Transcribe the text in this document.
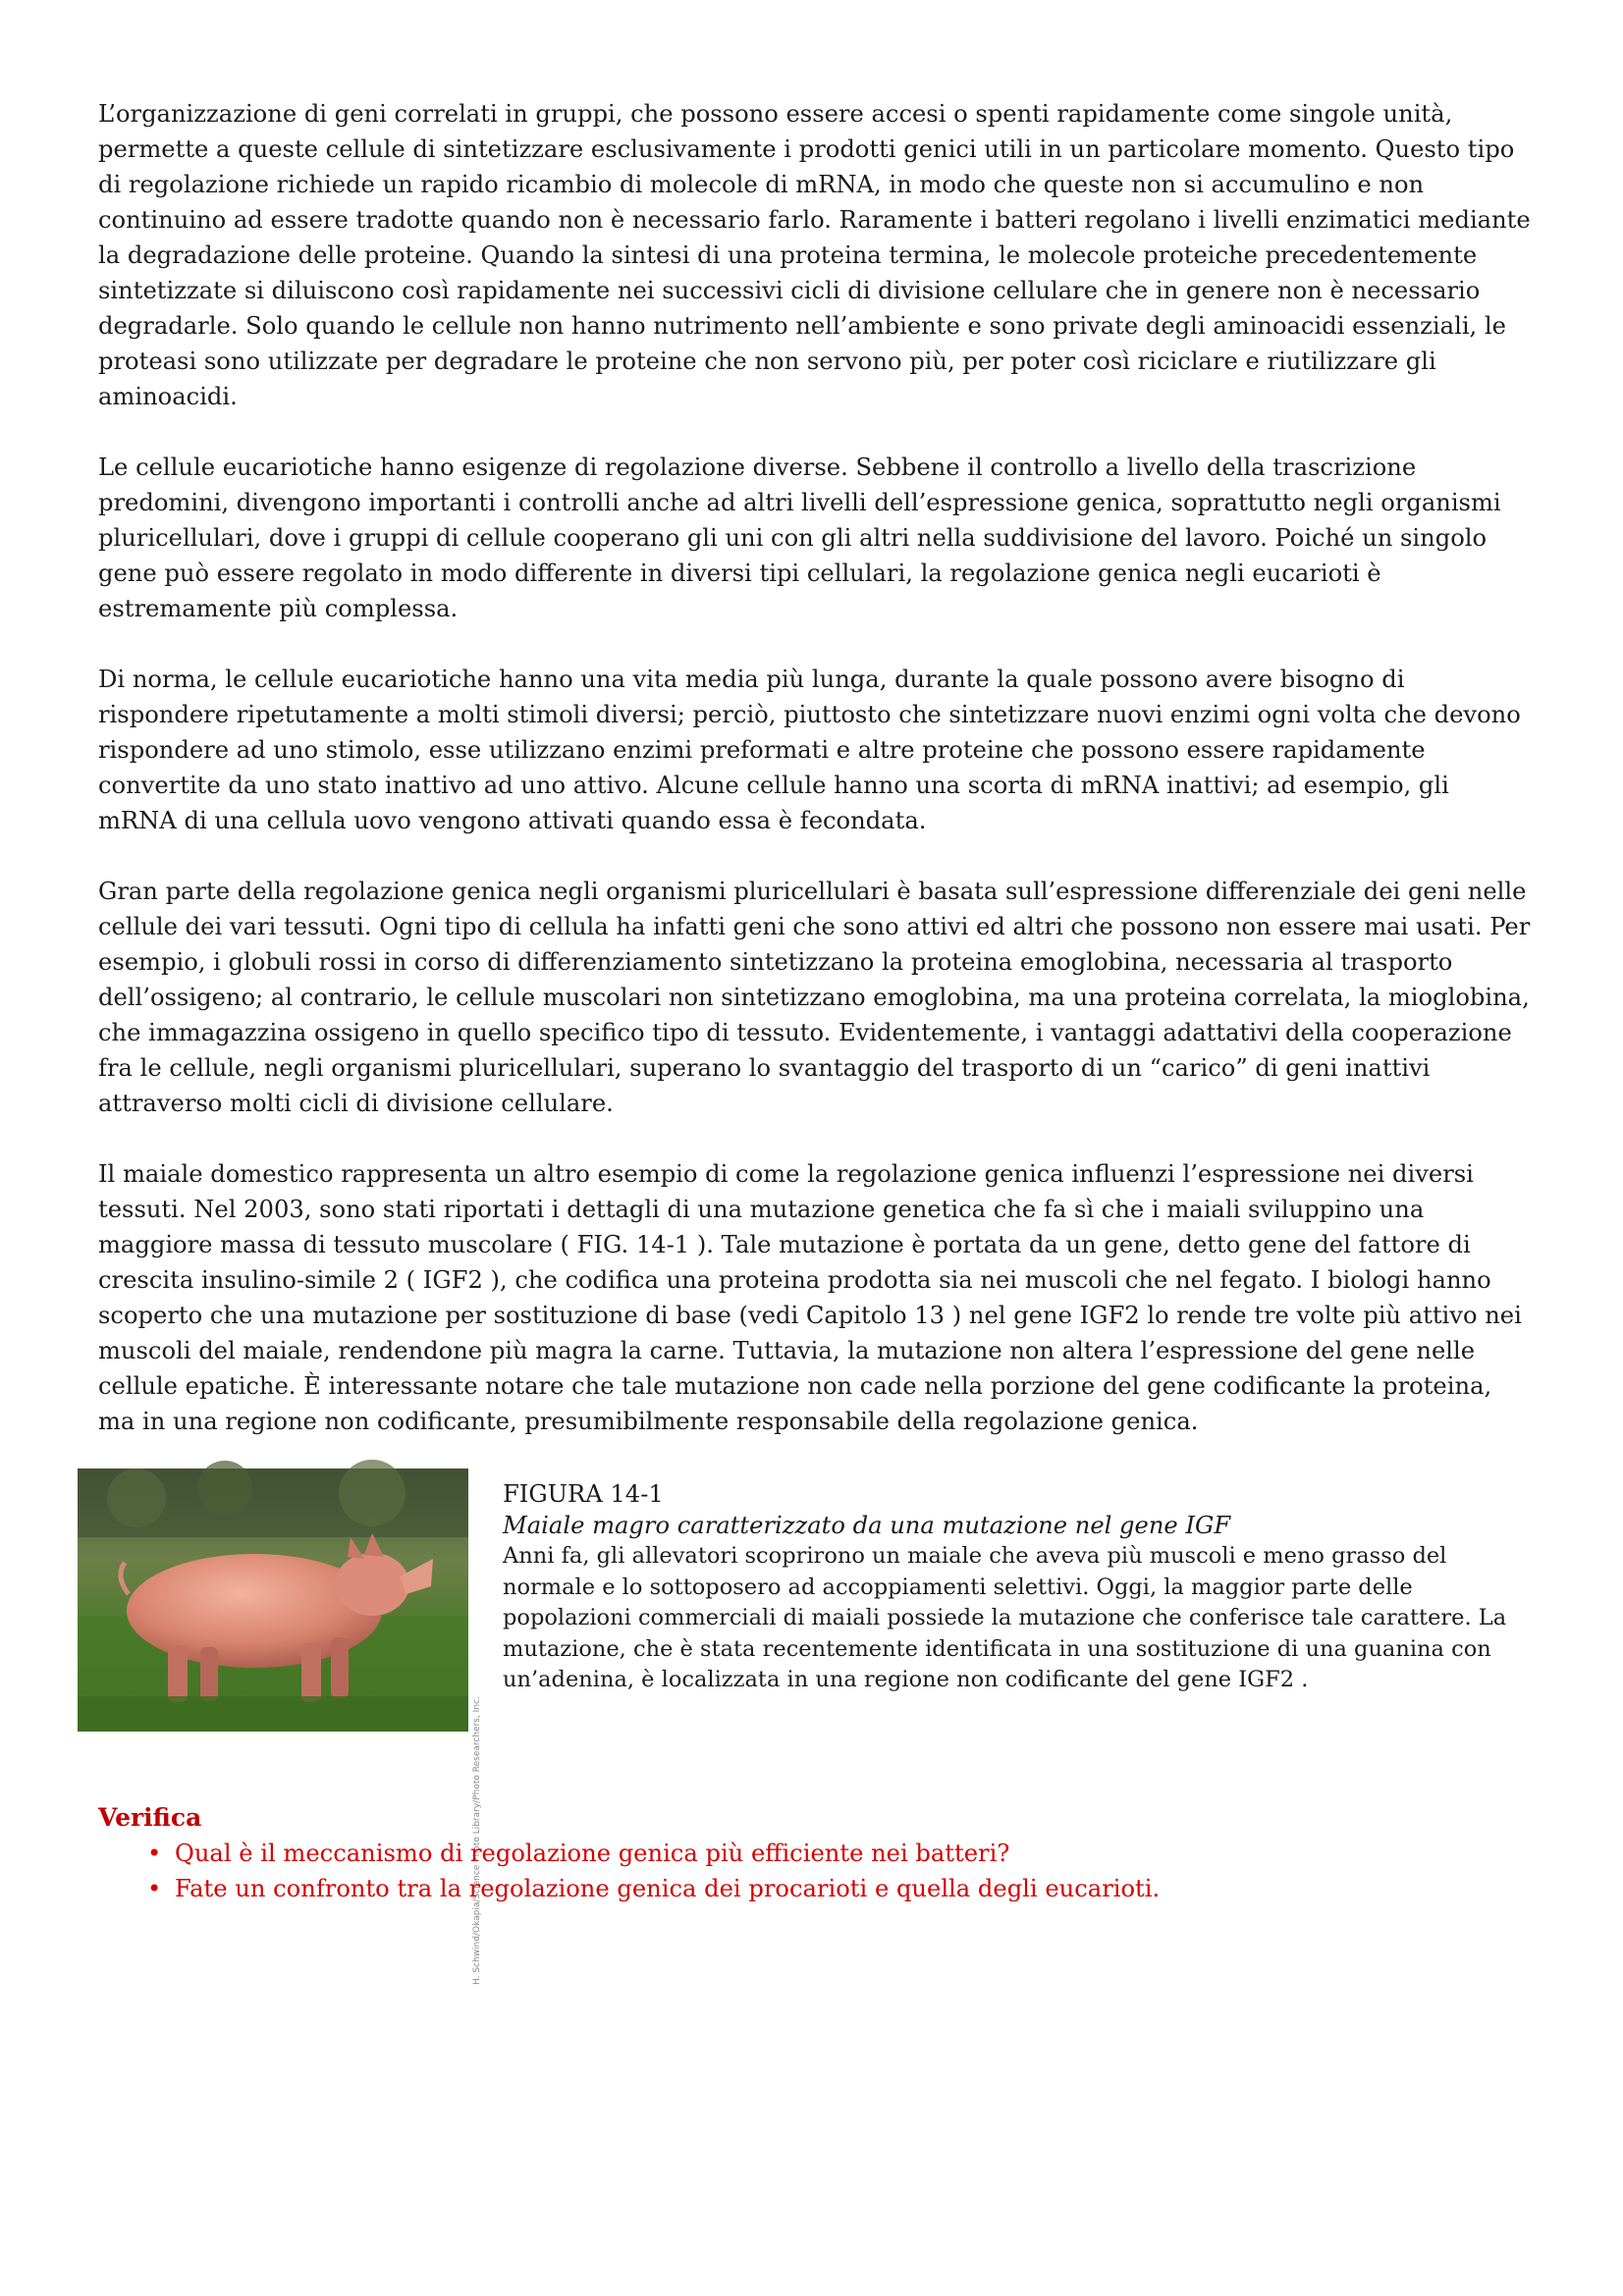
L’organizzazione di geni correlati in gruppi, che possono essere accesi o spenti rapidamente come singole unità, permette a queste cellule di sintetizzare esclusivamente i prodotti genici utili in un particolare momento. Questo tipo di regolazione richiede un rapido ricambio di molecole di mRNA, in modo che queste non si accumulino e non continuino ad essere tradotte quando non è necessario farlo. Raramente i batteri regolano i livelli enzimatici mediante la degradazione delle proteine. Quando la sintesi di una proteina termina, le molecole proteiche precedentemente sintetizzate si diluiscono così rapidamente nei successivi cicli di divisione cellulare che in genere non è necessario degradarle. Solo quando le cellule non hanno nutrimento nell’ambiente e sono private degli aminoacidi essenziali, le proteasi sono utilizzate per degradare le proteine che non servono più, per poter così riciclare e riutilizzare gli aminoacidi.

Le cellule eucariotiche hanno esigenze di regolazione diverse. Sebbene il controllo a livello della trascrizione predomini, divengono importanti i controlli anche ad altri livelli dell’espressione genica, soprattutto negli organismi pluricellulari, dove i gruppi di cellule cooperano gli uni con gli altri nella suddivisione del lavoro. Poiché un singolo gene può essere regolato in modo differente in diversi tipi cellulari, la regolazione genica negli eucarioti è estremamente più complessa.

Di norma, le cellule eucariotiche hanno una vita media più lunga, durante la quale possono avere bisogno di rispondere ripetutamente a molti stimoli diversi; perciò, piuttosto che sintetizzare nuovi enzimi ogni volta che devono rispondere ad uno stimolo, esse utilizzano enzimi preformati e altre proteine che possono essere rapidamente convertite da uno stato inattivo ad uno attivo. Alcune cellule hanno una scorta di mRNA inattivi; ad esempio, gli mRNA di una cellula uovo vengono attivati quando essa è fecondata.

Gran parte della regolazione genica negli organismi pluricellulari è basata sull’espressione differenziale dei geni nelle cellule dei vari tessuti. Ogni tipo di cellula ha infatti geni che sono attivi ed altri che possono non essere mai usati. Per esempio, i globuli rossi in corso di differenziamento sintetizzano la proteina emoglobina, necessaria al trasporto dell’ossigeno; al contrario, le cellule muscolari non sintetizzano emoglobina, ma una proteina correlata, la mioglobina, che immagazzina ossigeno in quello specifico tipo di tessuto. Evidentemente, i vantaggi adattativi della cooperazione fra le cellule, negli organismi pluricellulari, superano lo svantaggio del trasporto di un “carico” di geni inattivi attraverso molti cicli di divisione cellulare.

Il maiale domestico rappresenta un altro esempio di come la regolazione genica influenzi l’espressione nei diversi tessuti. Nel 2003, sono stati riportati i dettagli di una mutazione genetica che fa sì che i maiali sviluppino una maggiore massa di tessuto muscolare ( FIG. 14-1 ). Tale mutazione è portata da un gene, detto gene del fattore di crescita insulino-simile 2 ( IGF2 ), che codifica una proteina prodotta sia nei muscoli che nel fegato. I biologi hanno scoperto che una mutazione per sostituzione di base (vedi Capitolo 13 ) nel gene IGF2 lo rende tre volte più attivo nei muscoli del maiale, rendendone più magra la carne. Tuttavia, la mutazione non altera l’espressione del gene nelle cellule epatiche. È interessante notare che tale mutazione non cade nella porzione del gene codificante la proteina, ma in una regione non codificante, presumibilmente responsabile della regolazione genica.

H. Schwind/Okapia/Science Photo Library/Photo Researchers, Inc.

FIGURA 14-1

Maiale magro caratterizzato da una mutazione nel gene IGF

Anni fa, gli allevatori scoprirono un maiale che aveva più muscoli e meno grasso del normale e lo sottoposero ad accoppiamenti selettivi. Oggi, la maggior parte delle popolazioni commerciali di maiali possiede la mutazione che conferisce tale carattere. La mutazione, che è stata recentemente identificata in una sostituzione di una guanina con un’adenina, è localizzata in una regione non codificante del gene IGF2 .

Verifica

• Qual è il meccanismo di regolazione genica più efficiente nei batteri?
• Fate un confronto tra la regolazione genica dei procarioti e quella degli eucarioti.
